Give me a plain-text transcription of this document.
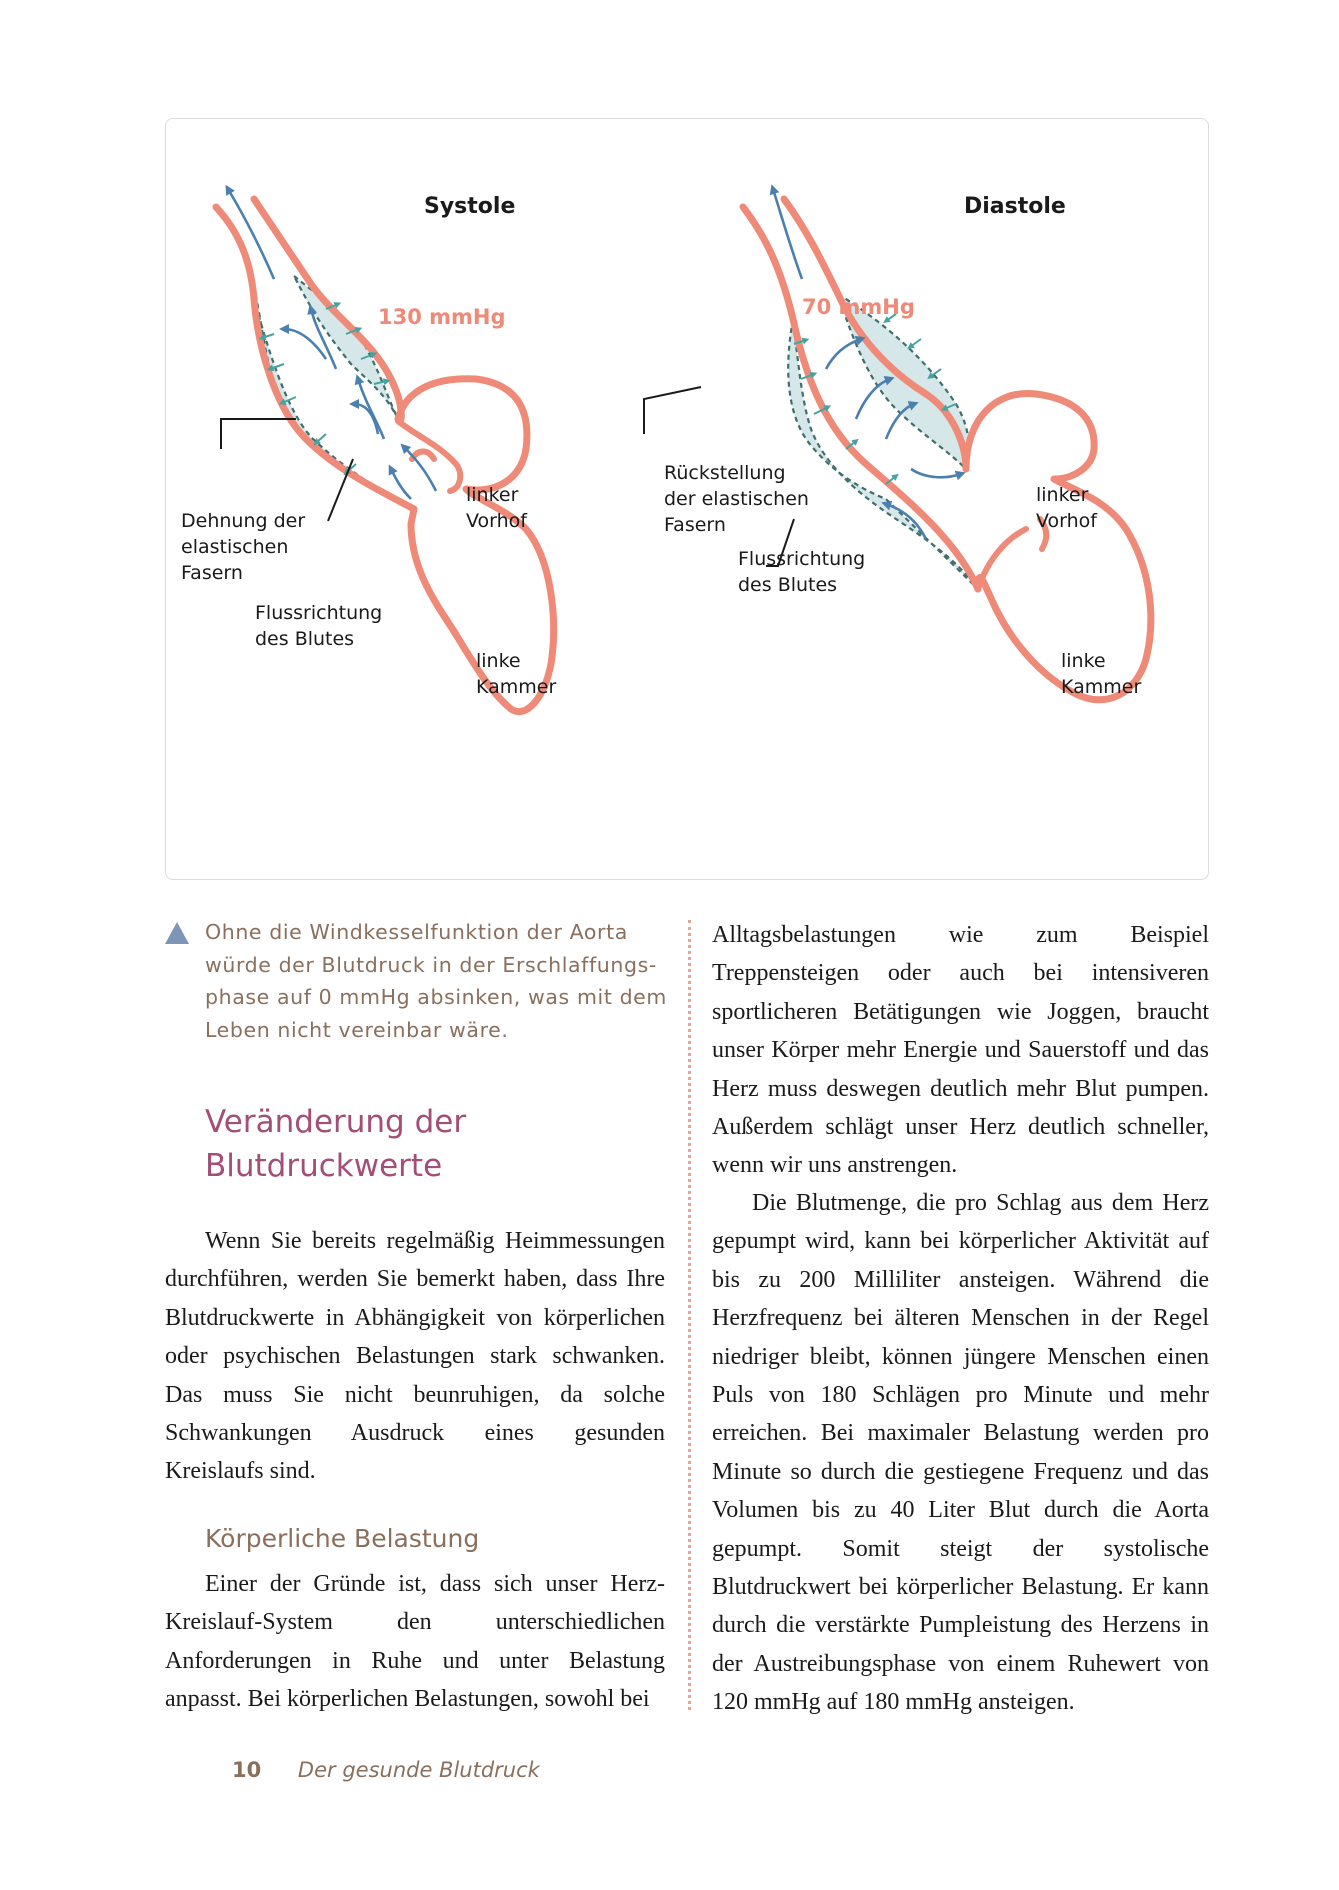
Systole
130 mmHg
Dehnung der elastischen Fasern
Flussrichtung des Blutes
linker Vorhof
linke Kammer
Diastole
70 mmHg
Rückstellung der elastischen Fasern
Flussrichtung des Blutes
linker Vorhof
linke Kammer

Ohne die Windkesselfunktion der Aorta würde der Blutdruck in der Erschlaffungsphase auf 0 mmHg absinken, was mit dem Leben nicht vereinbar wäre.

Veränderung der Blutdruckwerte

Wenn Sie bereits regelmäßig Heimmessungen durchführen, werden Sie bemerkt haben, dass Ihre Blutdruckwerte in Abhängigkeit von körperlichen oder psychischen Belastungen stark schwanken. Das muss Sie nicht beunruhigen, da solche Schwankungen Ausdruck eines gesunden Kreislaufs sind.

Körperliche Belastung

Einer der Gründe ist, dass sich unser Herz-Kreislauf-System den unterschiedlichen Anforderungen in Ruhe und unter Belastung anpasst. Bei körperlichen Belastungen, sowohl bei

Alltagsbelastungen wie zum Beispiel Treppensteigen oder auch bei intensiveren sportlicheren Betätigungen wie Joggen, braucht unser Körper mehr Energie und Sauerstoff und das Herz muss deswegen deutlich mehr Blut pumpen. Außerdem schlägt unser Herz deutlich schneller, wenn wir uns anstrengen.

Die Blutmenge, die pro Schlag aus dem Herz gepumpt wird, kann bei körperlicher Aktivität auf bis zu 200 Milliliter ansteigen. Während die Herzfrequenz bei älteren Menschen in der Regel niedriger bleibt, können jüngere Menschen einen Puls von 180 Schlägen pro Minute und mehr erreichen. Bei maximaler Belastung werden pro Minute so durch die gestiegene Frequenz und das Volumen bis zu 40 Liter Blut durch die Aorta gepumpt. Somit steigt der systolische Blutdruckwert bei körperlicher Belastung. Er kann durch die verstärkte Pumpleistung des Herzens in der Austreibungsphase von einem Ruhewert von 120 mmHg auf 180 mmHg ansteigen.

10 Der gesunde Blutdruck
